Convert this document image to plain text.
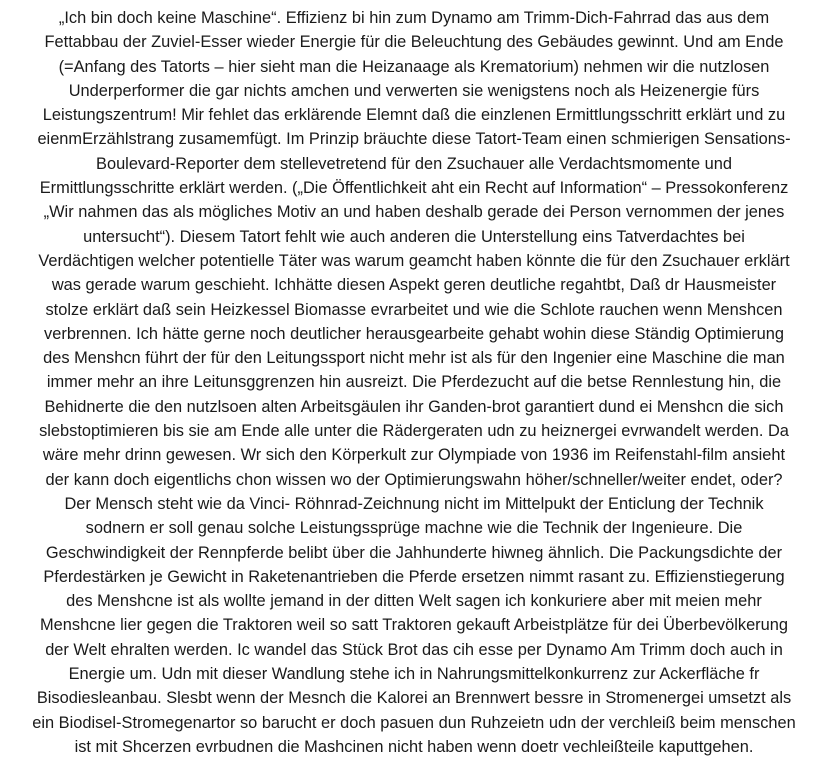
„Ich bin doch keine Maschine“. Effizienz bi hin zum Dynamo am Trimm-Dich-Fahrrad das aus dem
Fettabbau der Zuviel-Esser wieder Energie für die Beleuchtung des Gebäudes gewinnt. Und am Ende
(=Anfang des Tatorts – hier sieht man die Heizanaage als Krematorium) nehmen wir die nutzlosen
Underperformer die gar nichts amchen und verwerten sie wenigstens noch als Heizenergie fürs
Leistungszentrum! Mir fehlet das erklärende Elemnt daß die einzlenen Ermittlungsschritt erklärt und zu
eienmErzählstrang zusamemfügt. Im Prinzip bräuchte diese Tatort-Team einen schmierigen Sensations-
Boulevard-Reporter dem stellevetretend für den Zsuchauer alle Verdachtsmomente und
Ermittlungsschritte erklärt werden. („Die Öffentlichkeit aht ein Recht auf Information“ – Pressokonferenz
„Wir nahmen das als mögliches Motiv an und haben deshalb gerade dei Person vernommen der jenes
untersucht“). Diesem Tatort fehlt wie auch anderen die Unterstellung eins Tatverdachtes bei
Verdächtigen welcher potentielle Täter was warum geamcht haben könnte die für den Zsuchauer erklärt
was gerade warum geschieht. Ichhätte diesen Aspekt geren deutliche regahtbt, Daß dr Hausmeister
stolze erklärt daß sein Heizkessel Biomasse evrarbeitet und wie die Schlote rauchen wenn Menshcen
verbrennen. Ich hätte gerne noch deutlicher herausgearbeite gehabt wohin diese Ständig Optimierung
des Menshcn führt der für den Leitungssport nicht mehr ist als für den Ingenier eine Maschine die man
immer mehr an ihre Leitunsggrenzen hin ausreizt. Die Pferdezucht auf die betse Rennlestung hin, die
Behidnerte die den nutzlsoen alten Arbeitsgäulen ihr Ganden-brot garantiert dund ei Menshcn die sich
slebstoptimieren bis sie am Ende alle unter die Rädergeraten udn zu heiznergei evrwandelt werden. Da
wäre mehr drinn gewesen. Wr sich den Körperkult zur Olympiade von 1936 im Reifenstahl-film ansieht
der kann doch eigentlichs chon wissen wo der Optimierungswahn höher/schneller/weiter endet, oder?
Der Mensch steht wie da Vinci- Röhnrad-Zeichnung nicht im Mittelpukt der Enticlung der Technik
sodnern er soll genau solche Leistungssprüge machne wie die Technik der Ingenieure. Die
Geschwindigkeit der Rennpferde belibt über die Jahhunderte hiwneg ähnlich. Die Packungsdichte der
Pferdestärken je Gewicht in Raketenantrieben die Pferde ersetzen nimmt rasant zu. Effizienstiegerung
des Menshcne ist als wollte jemand in der ditten Welt sagen ich konkuriere aber mit meien mehr
Menshcne lier gegen die Traktoren weil so satt Traktoren gekauft Arbeistplätze für dei Überbevölkerung
der Welt ehralten werden. Ic wandel das Stück Brot das cih esse per Dynamo Am Trimm doch auch in
Energie um. Udn mit dieser Wandlung stehe ich in Nahrungsmittelkonkurrenz zur Ackerfläche fr
Bisodiesleanbau. Slesbt wenn der Mesnch die Kalorei an Brennwert bessre in Stromenergei umsetzt als
ein Biodisel-Stromegenartor so barucht er doch pasuen dun Ruhzeietn udn der verchleiß beim menschen
ist mit Shcerzen evrbudnen die Mashcinen nicht haben wenn doetr vechleißteile kaputtgehen.
